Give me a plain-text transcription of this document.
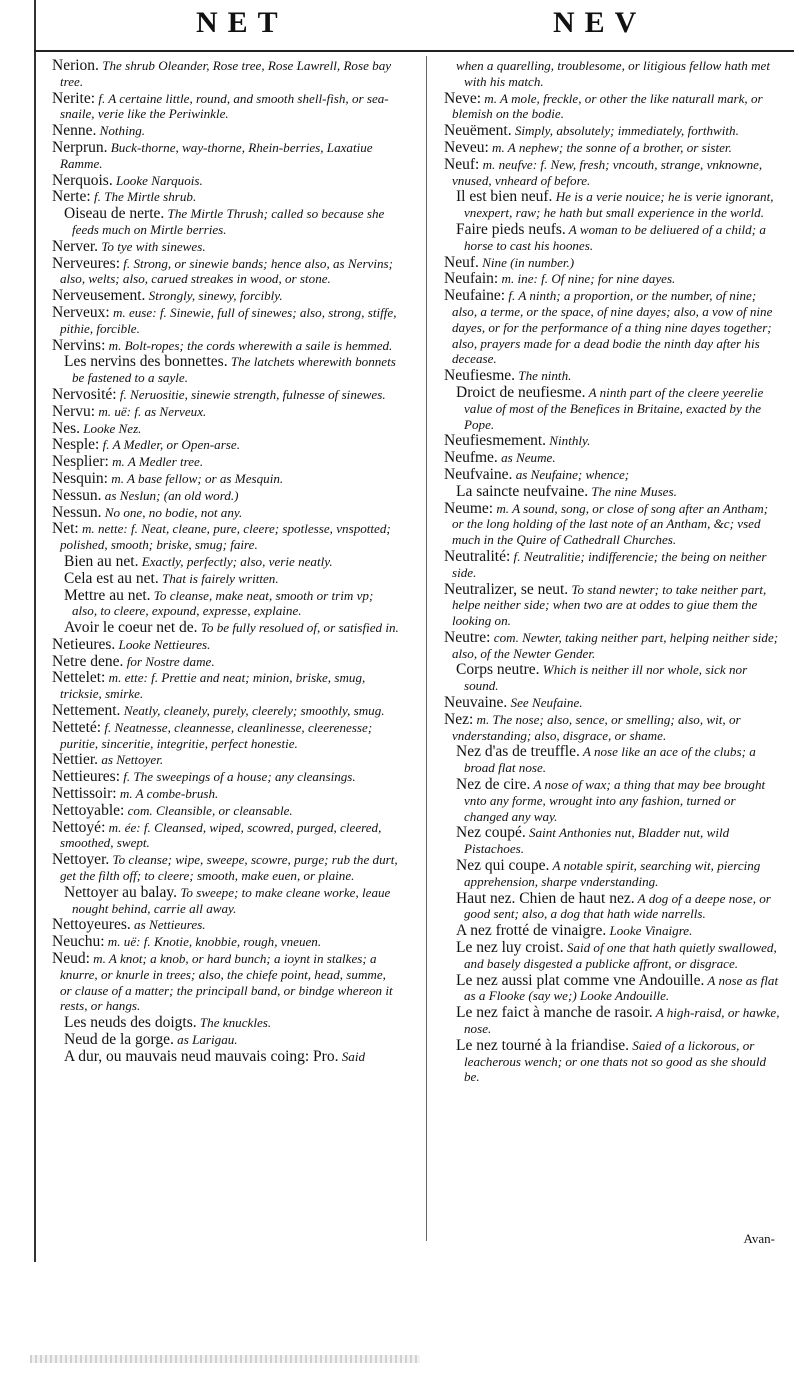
NET	NEV
Nerion. The shrub Oleander, Rose tree, Rose Lawrell, Rose bay tree.
Nerite: f. A certaine little, round, and smooth shell-fish, or sea-snaile, verie like the Periwinkle.
Nenne. Nothing.
Nerprun. Buck-thorne, way-thorne, Rhein-berries, Laxatiue Ramme.
Nerquois. Looke Narquois.
Nerte: f. The Mirtle shrub.
Oiseau de nerte. The Mirtle Thrush; called so because she feeds much on Mirtle berries.
Nerver. To tye with sinewes.
Nerveures: f. Strong, or sinewie bands; hence also, as Nervins; also, welts; also, carued streakes in wood, or stone.
Nerveusement. Strongly, sinewy, forcibly.
Nerveux: m. euse: f. Sinewie, full of sinewes; also, strong, stiffe, pithie, forcible.
Nervins: m. Bolt-ropes; the cords wherewith a saile is hemmed.
Les nervins des bonnettes. The latchets wherewith bonnets be fastened to a sayle.
Nervosité: f. Neruositie, sinewie strength, fulnesse of sinewes.
Nervu: m. uë: f. as Nerveux.
Nes. Looke Nez.
Nesple: f. A Medler, or Open-arse.
Nesplier: m. A Medler tree.
Nesquin: m. A base fellow; or as Mesquin.
Nessun. as Neslun; (an old word.)
Nessun. No one, no bodie, not any.
Net: m. nette: f. Neat, cleane, pure, cleere; spotlesse, vnspotted; polished, smooth; briske, smug; faire.
Bien au net. Exactly, perfectly; also, verie neatly.
Cela est au net. That is fairely written.
Mettre au net. To cleanse, make neat, smooth or trim vp; also, to cleere, expound, expresse, explaine.
Avoir le coeur net de. To be fully resolued of, or satisfied in.
Netieures. Looke Nettieures.
Netre dene. for Nostre dame.
Nettelet: m. ette: f. Prettie and neat; minion, briske, smug, tricksie, smirke.
Nettement. Neatly, cleanely, purely, cleerely; smoothly, smug.
Netteté: f. Neatnesse, cleannesse, cleanlinesse, cleerenesse; puritie, sinceritie, integritie, perfect honestie.
Nettier. as Nettoyer.
Nettieures: f. The sweepings of a house; any cleansings.
Nettissoir: m. A combe-brush.
Nettoyable: com. Cleansible, or cleansable.
Nettoyé: m. ée: f. Cleansed, wiped, scowred, purged, cleered, smoothed, swept.
Nettoyer. To cleanse; wipe, sweepe, scowre, purge; rub the durt, get the filth off; to cleere; smooth, make euen, or plaine.
Nettoyer au balay. To sweepe; to make cleane worke, leaue nought behind, carrie all away.
Nettoyeures. as Nettieures.
Neuchu: m. uë: f. Knotie, knobbie, rough, vneuen.
Neud: m. A knot; a knob, or hard bunch; a ioynt in stalkes; a knurre, or knurle in trees; also, the chiefe point, head, summe, or clause of a matter; the principall band, or bindge whereon it rests, or hangs.
Les neuds des doigts. The knuckles.
Neud de la gorge. as Larigau.
A dur, ou mauvais neud mauvais coing: Pro. Said
when a quarelling, troublesome, or litigious fellow hath met with his match.
Neve: m. A mole, freckle, or other the like naturall mark, or blemish on the bodie.
Neuëment. Simply, absolutely; immediately, forthwith.
Neveu: m. A nephew; the sonne of a brother, or sister.
Neuf: m. neufve: f. New, fresh; vncouth, strange, vnknowne, vnused, vnheard of before.
Il est bien neuf. He is a verie nouice; he is verie ignorant, vnexpert, raw; he hath but small experience in the world.
Faire pieds neufs. A woman to be deliuered of a child; a horse to cast his hoones.
Neuf. Nine (in number.)
Neufain: m. ine: f. Of nine; for nine dayes.
Neufaine: f. A ninth; a proportion, or the number, of nine; also, a terme, or the space, of nine dayes; also, a vow of nine dayes, or for the performance of a thing nine dayes together; also, prayers made for a dead bodie the ninth day after his decease.
Neufiesme. The ninth.
Droict de neufiesme. A ninth part of the cleere yeerelie value of most of the Benefices in Britaine, exacted by the Pope.
Neufiesmement. Ninthly.
Neufme. as Neume.
Neufvaine. as Neufaine; whence;
La saincte neufvaine. The nine Muses.
Neume: m. A sound, song, or close of song after an Antham; or the long holding of the last note of an Antham, &c; vsed much in the Quire of Cathedrall Churches.
Neutralité: f. Neutralitie; indifferencie; the being on neither side.
Neutralizer, se neut. To stand newter; to take neither part, helpe neither side; when two are at oddes to giue them the looking on.
Neutre: com. Newter, taking neither part, helping neither side; also, of the Newter Gender.
Corps neutre. Which is neither ill nor whole, sick nor sound.
Neuvaine. See Neufaine.
Nez: m. The nose; also, sence, or smelling; also, wit, or vnderstanding; also, disgrace, or shame.
Nez d'as de treuffle. A nose like an ace of the clubs; a broad flat nose.
Nez de cire. A nose of wax; a thing that may bee brought vnto any forme, wrought into any fashion, turned or changed any way.
Nez coupé. Saint Anthonies nut, Bladder nut, wild Pistachoes.
Nez qui coupe. A notable spirit, searching wit, piercing apprehension, sharpe vnderstanding.
Haut nez. Chien de haut nez. A dog of a deepe nose, or good sent; also, a dog that hath wide narrells.
A nez frotté de vinaigre. Looke Vinaigre.
Le nez luy croist. Said of one that hath quietly swallowed, and basely disgested a publicke affront, or disgrace.
Le nez aussi plat comme vne Andouille. A nose as flat as a Flooke (say we;) Looke Andouille.
Le nez faict à manche de rasoir. A high-raisd, or hawke, nose.
Le nez tourné à la friandise. Saied of a lickorous, or leacherous wench; or one thats not so good as she should be.
Avan-
